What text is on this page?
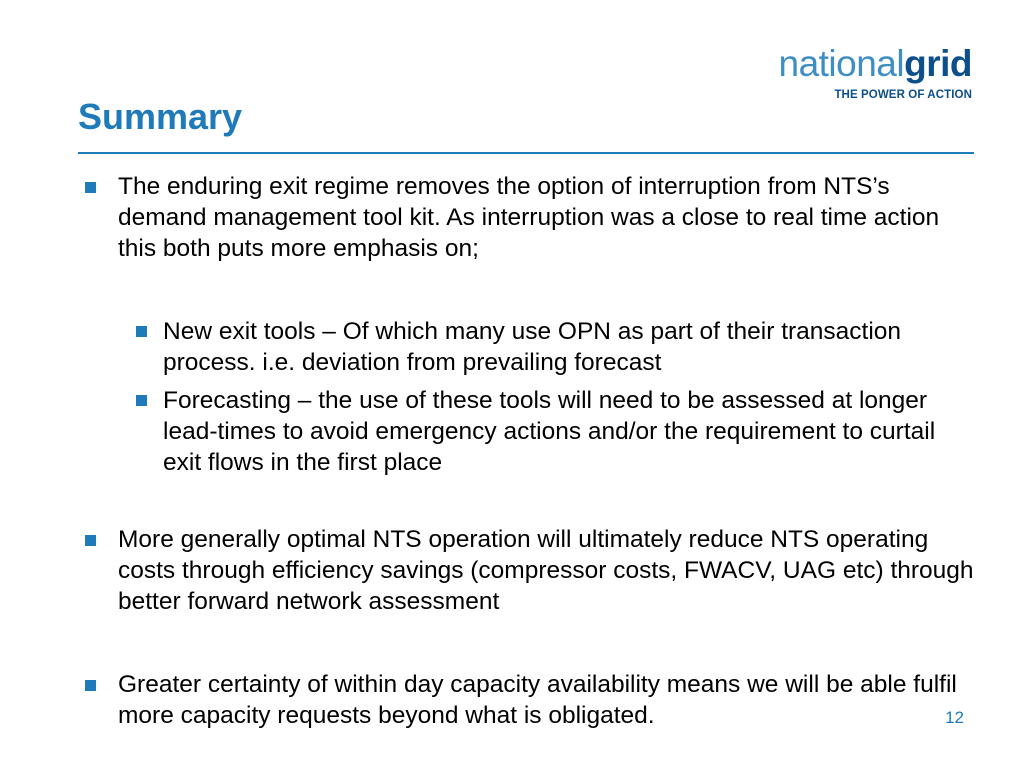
nationalgrid
THE POWER OF ACTION
Summary
The enduring exit regime removes the option of interruption from NTS’s demand management tool kit. As interruption was a close to real time action this both puts more emphasis on;
New exit tools – Of which many use OPN as part of their transaction process. i.e. deviation from prevailing forecast
Forecasting – the use of these tools will need to be assessed at longer lead-times to avoid emergency actions and/or the requirement to curtail exit flows in the first place
More generally optimal NTS operation will ultimately reduce NTS operating costs through efficiency savings (compressor costs, FWACV, UAG etc) through better forward network assessment
Greater certainty of within day capacity availability means we will be able fulfil more capacity requests beyond what is obligated.	12
